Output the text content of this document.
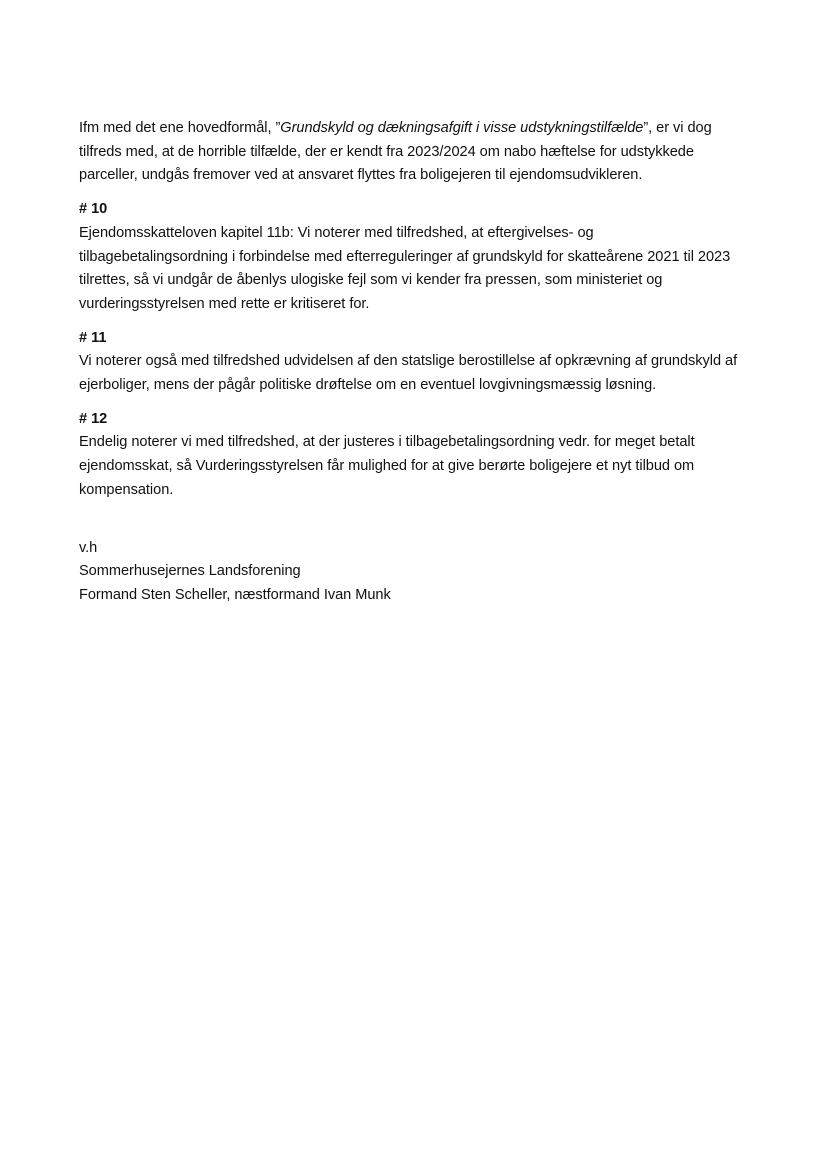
Ifm med det ene hovedformål, ”Grundskyld og dækningsafgift i visse udstykningstilfælde”, er vi dog tilfreds med, at de horrible tilfælde, der er kendt fra 2023/2024 om nabo hæftelse for udstykkede parceller, undgås fremover ved at ansvaret flyttes fra boligejeren til ejendomsudvikleren.

# 10

Ejendomsskatteloven kapitel 11b: Vi noterer med tilfredshed, at eftergivelses- og tilbagebetalingsordning i forbindelse med efterreguleringer af grundskyld for skatteårene 2021 til 2023 tilrettes, så vi undgår de åbenlys ulogiske fejl som vi kender fra pressen, som ministeriet og vurderingsstyrelsen med rette er kritiseret for.

# 11

Vi noterer også med tilfredshed udvidelsen af den statslige berostillelse af opkrævning af grundskyld af ejerboliger, mens der pågår politiske drøftelse om en eventuel lovgivningsmæssig løsning.

# 12

Endelig noterer vi med tilfredshed, at der justeres i tilbagebetalingsordning vedr. for meget betalt ejendomsskat, så Vurderingsstyrelsen får mulighed for at give berørte boligejere et nyt tilbud om kompensation.

v.h

Sommerhusejernes Landsforening

Formand Sten Scheller, næstformand Ivan Munk
